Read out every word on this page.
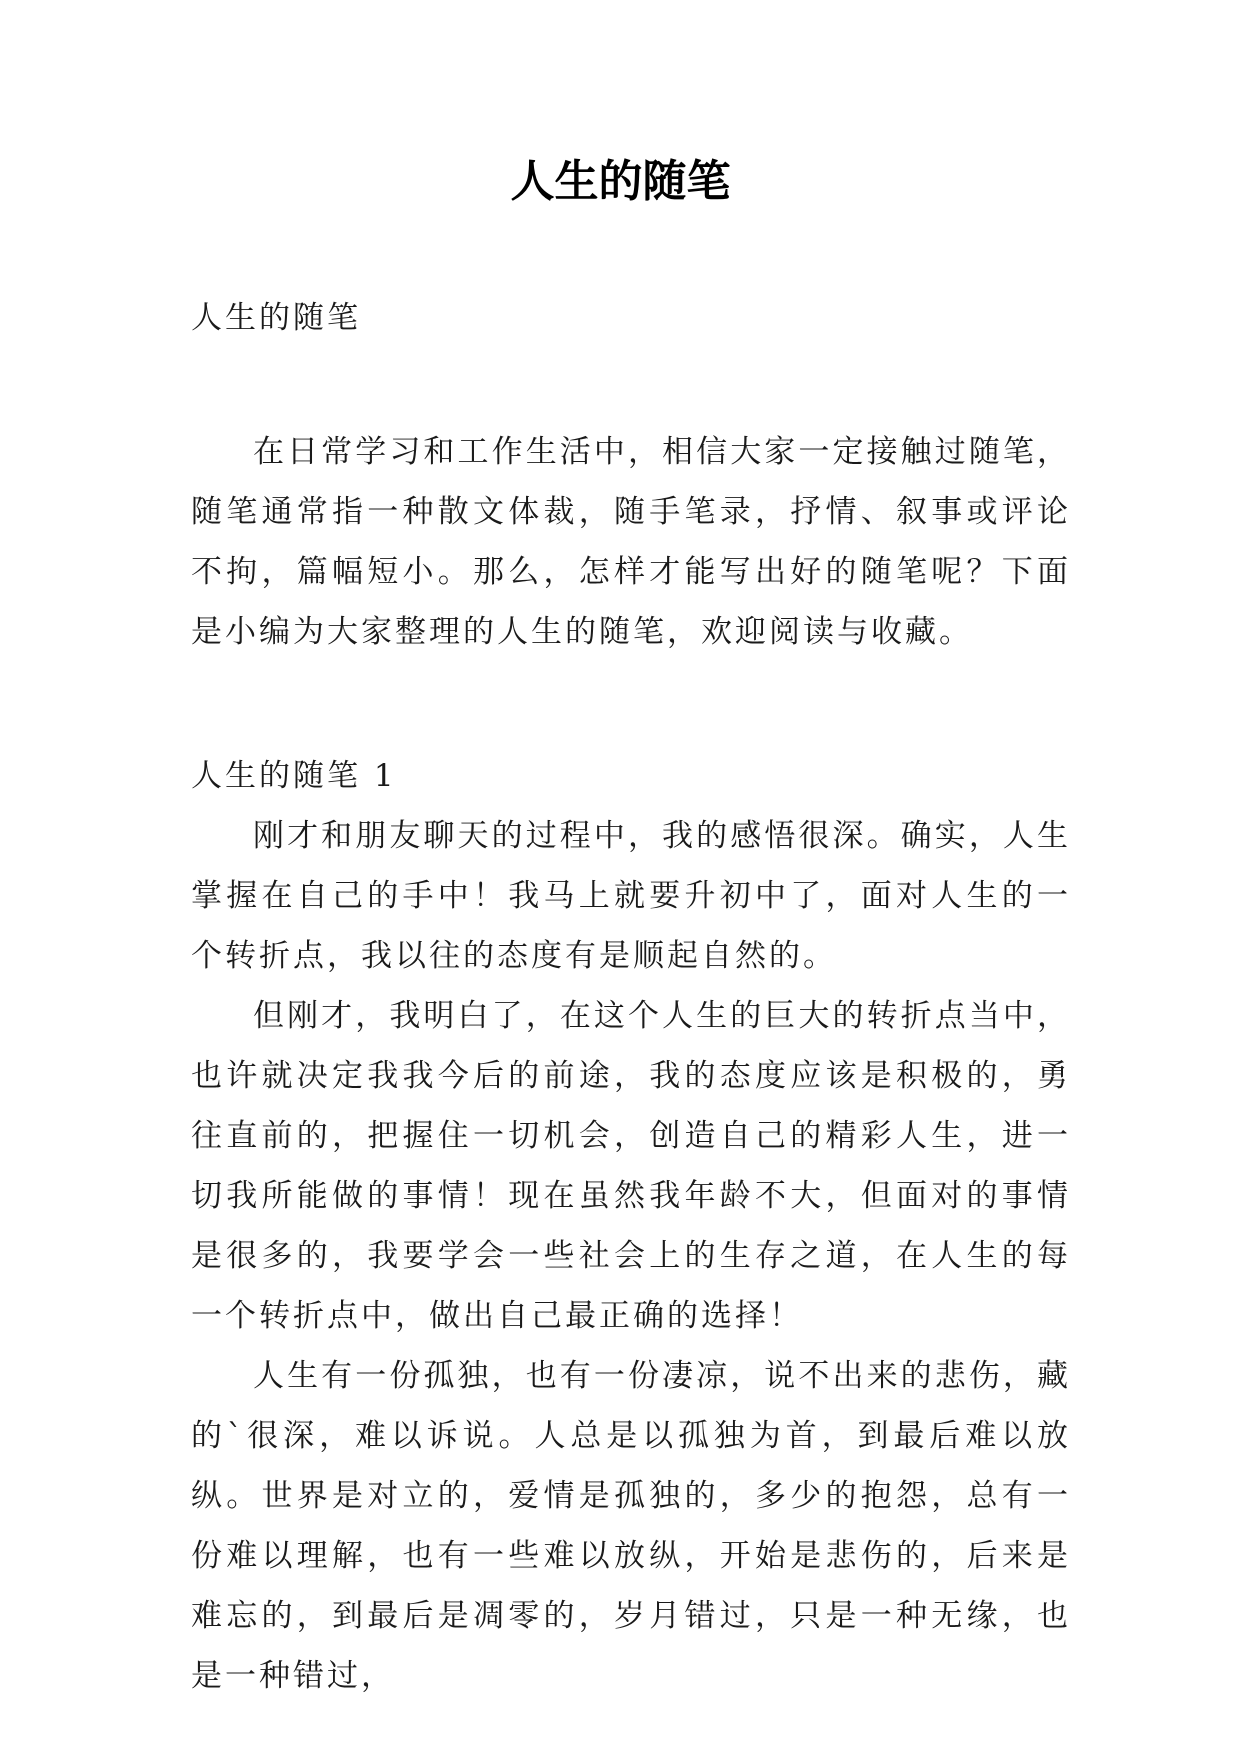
人生的随笔
人生的随笔

在日常学习和工作生活中，相信大家一定接触过随笔，随笔通常指一种散文体裁，随手笔录，抒情、叙事或评论不拘，篇幅短小。那么，怎样才能写出好的随笔呢？下面是小编为大家整理的人生的随笔，欢迎阅读与收藏。

人生的随笔 1

刚才和朋友聊天的过程中，我的感悟很深。确实，人生掌握在自己的手中！我马上就要升初中了，面对人生的一个转折点，我以往的态度有是顺起自然的。

但刚才，我明白了，在这个人生的巨大的转折点当中，也许就决定我我今后的前途，我的态度应该是积极的，勇往直前的，把握住一切机会，创造自己的精彩人生，进一切我所能做的事情！现在虽然我年龄不大，但面对的事情是很多的，我要学会一些社会上的生存之道，在人生的每一个转折点中，做出自己最正确的选择！

人生有一份孤独，也有一份凄凉，说不出来的悲伤，藏的`很深，难以诉说。人总是以孤独为首，到最后难以放纵。世界是对立的，爱情是孤独的，多少的抱怨，总有一份难以理解，也有一些难以放纵，开始是悲伤的，后来是难忘的，到最后是凋零的，岁月错过，只是一种无缘，也是一种错过，
